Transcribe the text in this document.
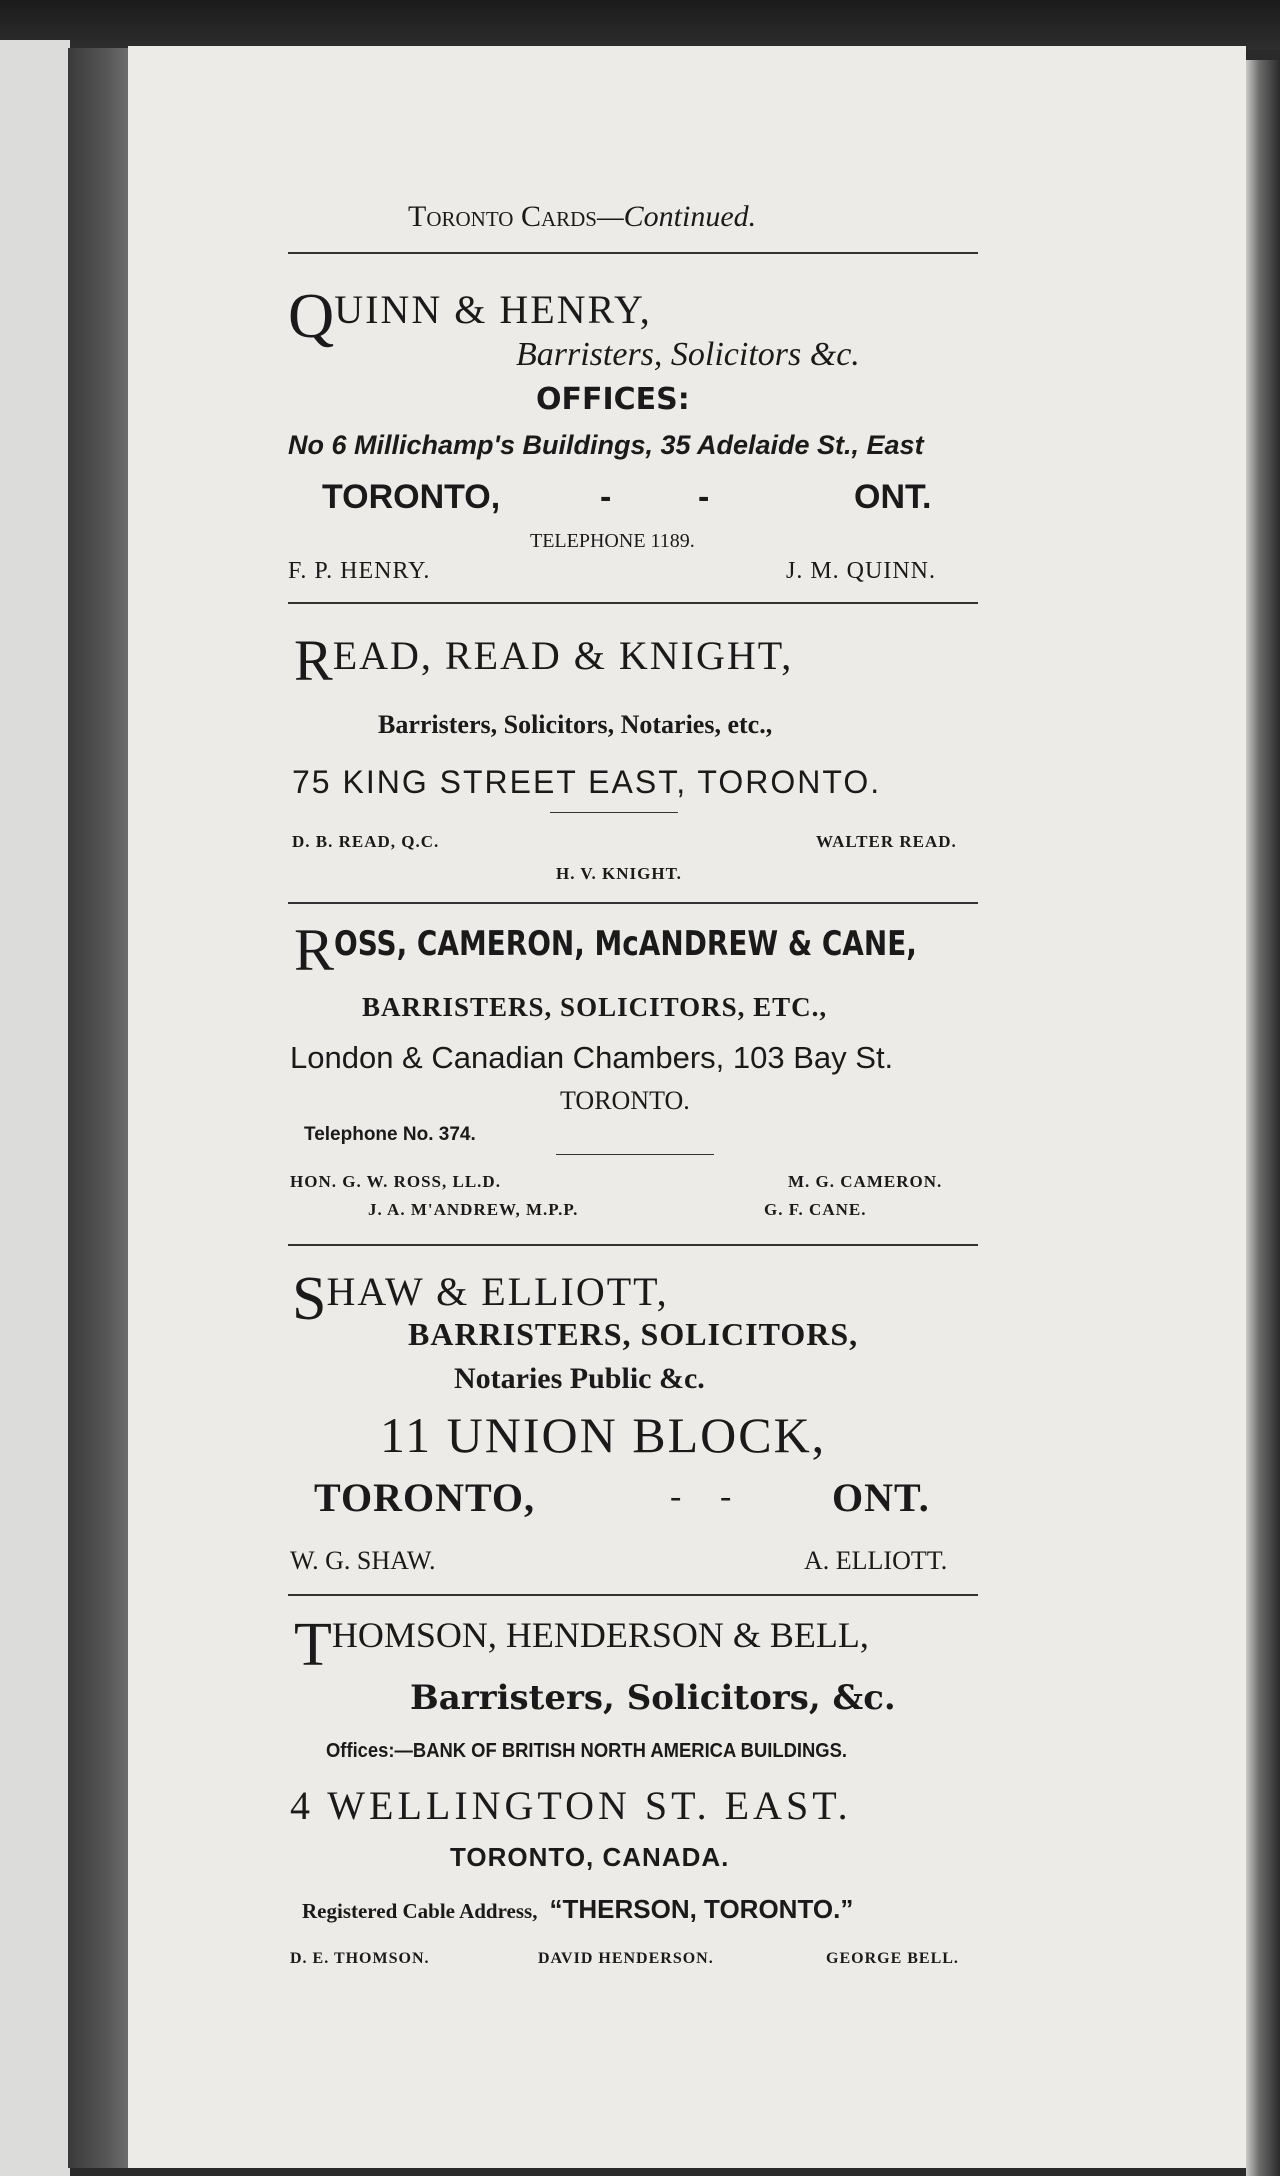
Toronto Cards—Continued.
QUINN & HENRY,
Barristers, Solicitors &c.
OFFICES:
No 6 Millichamp's Buildings, 35 Adelaide St., East
TORONTO,	-	-	ONT.
TELEPHONE 1189.
F. P. HENRY.	J. M. QUINN.
READ, READ & KNIGHT,
Barristers, Solicitors, Notaries, etc.,
75 KING STREET EAST, TORONTO.
D. B. READ, Q.C.	WALTER READ.
H. V. KNIGHT.
ROSS, CAMERON, McANDREW & CANE,
BARRISTERS, SOLICITORS, ETC.,
London & Canadian Chambers, 103 Bay St.
TORONTO.
Telephone No. 374.
HON. G. W. ROSS, LL.D.	M. G. CAMERON.
J. A. M'ANDREW, M.P.P.	G. F. CANE.
SHAW & ELLIOTT,
BARRISTERS, SOLICITORS,
Notaries Public &c.
11 UNION BLOCK,
TORONTO,	- -	ONT.
W. G. SHAW.	A. ELLIOTT.
THOMSON, HENDERSON & BELL,
Barristers, Solicitors, &c.
Offices:—BANK OF BRITISH NORTH AMERICA BUILDINGS.
4 WELLINGTON ST. EAST.
TORONTO, CANADA.
Registered Cable Address, “THERSON, TORONTO.”
D. E. THOMSON.	DAVID HENDERSON.	GEORGE BELL.
